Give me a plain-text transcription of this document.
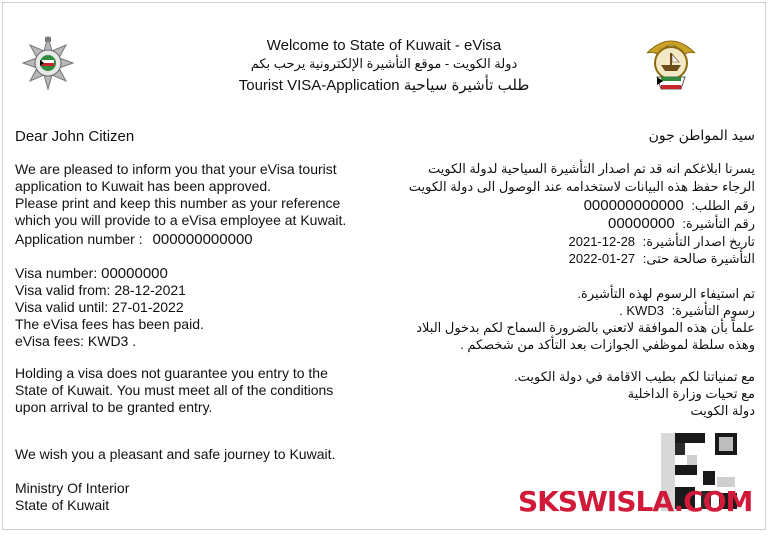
Welcome to State of Kuwait - eVisa
دولة الكويت - موقع التأشيرة الإلكترونية يرحب بكم
Tourist VISA-Application طلب تأشيرة سياحية
Dear John Citizen
We are pleased to inform you that your eVisa tourist
application to Kuwait has been approved.
Please print and keep this number as your reference
which you will provide to a eVisa employee at Kuwait.
Application number : 000000000000
Visa number: 00000000
Visa valid from: 28-12-2021
Visa valid until: 27-01-2022
The eVisa fees has been paid.
eVisa fees: KWD3 .
Holding a visa does not guarantee you entry to the
State of Kuwait. You must meet all of the conditions
upon arrival to be granted entry.
We wish you a pleasant and safe journey to Kuwait.
Ministry Of Interior
State of Kuwait
سيد المواطن جون
يسرنا ابلاغكم انه قد تم اصدار التأشيرة السياحية لدولة الكويت
الرجاء حفظ هذه البيانات لاستخدامه عند الوصول الى دولة الكويت
رقم الطلب: 000000000000
رقم التأشيرة: 00000000
تاريخ اصدار التأشيرة: 28-12-2021
التأشيرة صالحة حتى: 27-01-2022
تم استيفاء الرسوم لهذه التأشيرة.
رسوم التأشيرة: KWD3 .
علماً بأن هذه الموافقة لاتعني بالضرورة السماح لكم بدخول البلاد
وهذه سلطة لموظفي الجوازات بعد التأكد من شخصكم .
مع تمنياتنا لكم بطيب الاقامة في دولة الكويت.
مع تحيات وزارة الداخلية
دولة الكويت
SKSWISLA.COM
